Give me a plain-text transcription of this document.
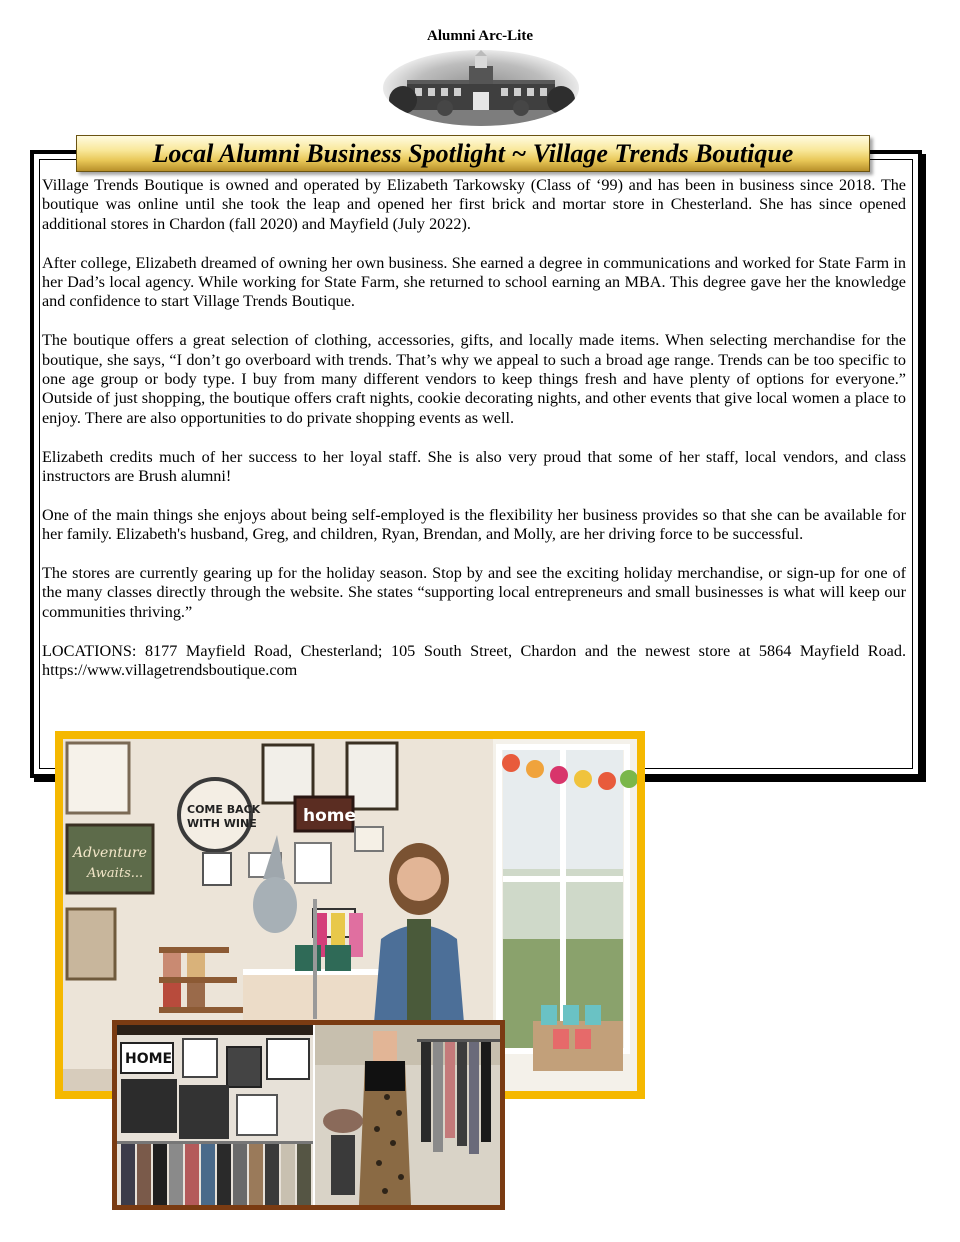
Alumni Arc-Lite
Local Alumni Business Spotlight ~ Village Trends Boutique

Village Trends Boutique is owned and operated by Elizabeth Tarkowsky (Class of ‘99) and has been in business since 2018. The boutique was online until she took the leap and opened her first brick and mortar store in Chesterland. She has since opened additional stores in Chardon (fall 2020) and Mayfield (July 2022).

After college, Elizabeth dreamed of owning her own business. She earned a degree in communications and worked for State Farm in her Dad’s local agency. While working for State Farm, she returned to school earning an MBA. This degree gave her the knowledge and confidence to start Village Trends Boutique.

The boutique offers a great selection of clothing, accessories, gifts, and locally made items. When selecting merchandise for the boutique, she says, “I don’t go overboard with trends. That’s why we appeal to such a broad age range. Trends can be too specific to one age group or body type. I buy from many different vendors to keep things fresh and have plenty of options for everyone.” Outside of just shopping, the boutique offers craft nights, cookie decorating nights, and other events that give local women a place to enjoy. There are also opportunities to do private shopping events as well.

Elizabeth credits much of her success to her loyal staff. She is also very proud that some of her staff, local vendors, and class instructors are Brush alumni!

One of the main things she enjoys about being self-employed is the flexibility her business provides so that she can be available for her family. Elizabeth's husband, Greg, and children, Ryan, Brendan, and Molly, are her driving force to be successful.

The stores are currently gearing up for the holiday season. Stop by and see the exciting holiday merchandise, or sign-up for one of the many classes directly through the website. She states “supporting local entrepreneurs and small businesses is what will keep our communities thriving.”

LOCATIONS: 8177 Mayfield Road, Chesterland; 105 South Street, Chardon and the newest store at 5864 Mayfield Road. https://www.villagetrendsboutique.com

Adventure
Awaits...
COME BACK
WITH WINE	home
HOME
